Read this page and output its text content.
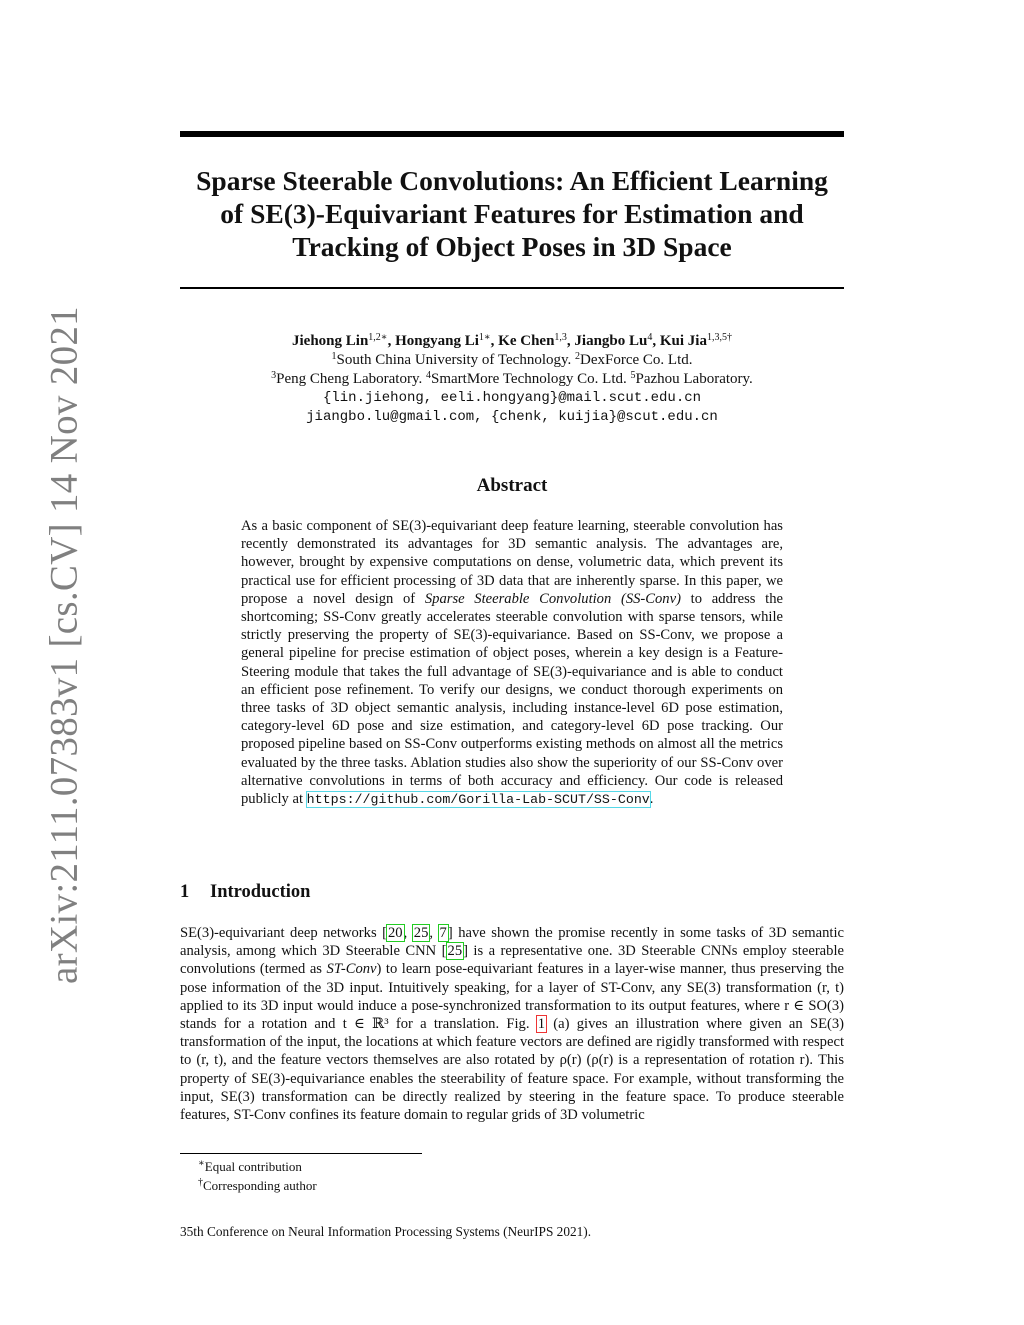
arXiv:2111.07383v1 [cs.CV] 14 Nov 2021
Sparse Steerable Convolutions: An Efficient Learning
of SE(3)-Equivariant Features for Estimation and
Tracking of Object Poses in 3D Space
Jiehong Lin$^{1,2∗}$, Hongyang $Li^{1∗}$, Ke Chen$^{1,3}$, Jiangbo Lu$^4$, Kui Jia$^{1,3,5\dagger}$
$^1$South China University of Technology. $^2$DexForce Co. Ltd.
$^3$Peng Cheng Laboratory. $^4$SmartMore Technology Co. Ltd. $^5$Pazhou Laboratory.
{lin.jiehong, eeli.hongyang}@mail.scut.edu.cn
jiangbo.lu@gmail.com, {chenk, kuijia}@scut.edu.cn
Abstract

As a basic component of SE(3)-equivariant deep feature learning, steerable convolution has recently demonstrated its advantages for 3D semantic analysis. The advantages are, however, brought by expensive computations on dense, volumetric data, which prevent its practical use for efficient processing of 3D data that are inherently sparse. In this paper, we propose a novel design of Sparse Steerable Convolution (SS-Conv) to address the shortcoming; SS-Conv greatly accelerates steerable convolution with sparse tensors, while strictly preserving the property of SE(3)-equivariance. Based on SS-Conv, we propose a general pipeline for precise estimation of object poses, wherein a key design is a Feature-Steering module that takes the full advantage of SE(3)-equivariance and is able to conduct an efficient pose refinement. To verify our designs, we conduct thorough experiments on three tasks of 3D object semantic analysis, including instance-level 6D pose estimation, category-level 6D pose and size estimation, and category-level 6D pose tracking. Our proposed pipeline based on SS-Conv outperforms existing methods on almost all the metrics evaluated by the three tasks. Ablation studies also show the superiority of our SS-Conv over alternative convolutions in terms of both accuracy and efficiency. Our code is released publicly at https://github.com/Gorilla-Lab-SCUT/SS-Conv.

1 Introduction

SE(3)-equivariant deep networks [20, 25, 7] have shown the promise recently in some tasks of 3D semantic analysis, among which 3D Steerable CNN [25] is a representative one. 3D Steerable CNNs employ steerable convolutions (termed as ST-Conv) to learn pose-equivariant features in a layer-wise manner, thus preserving the pose information of the 3D input. Intuitively speaking, for a layer of ST-Conv, any SE(3) transformation (r, t) applied to its 3D input would induce a pose-synchronized transformation to its output features, where r ∈ SO(3) stands for a rotation and t ∈ ℝ³ for a translation. Fig. 1 (a) gives an illustration where given an SE(3) transformation of the input, the locations at which feature vectors are defined are rigidly transformed with respect to (r, t), and the feature vectors themselves are also rotated by ρ(r) (ρ(r) is a representation of rotation r). This property of SE(3)-equivariance enables the steerability of feature space. For example, without transforming the input, SE(3) transformation can be directly realized by steering in the feature space. To produce steerable features, ST-Conv confines its feature domain to regular grids of 3D volumetric

∗Equal contribution
†Corresponding author
35th Conference on Neural Information Processing Systems (NeurIPS 2021).
